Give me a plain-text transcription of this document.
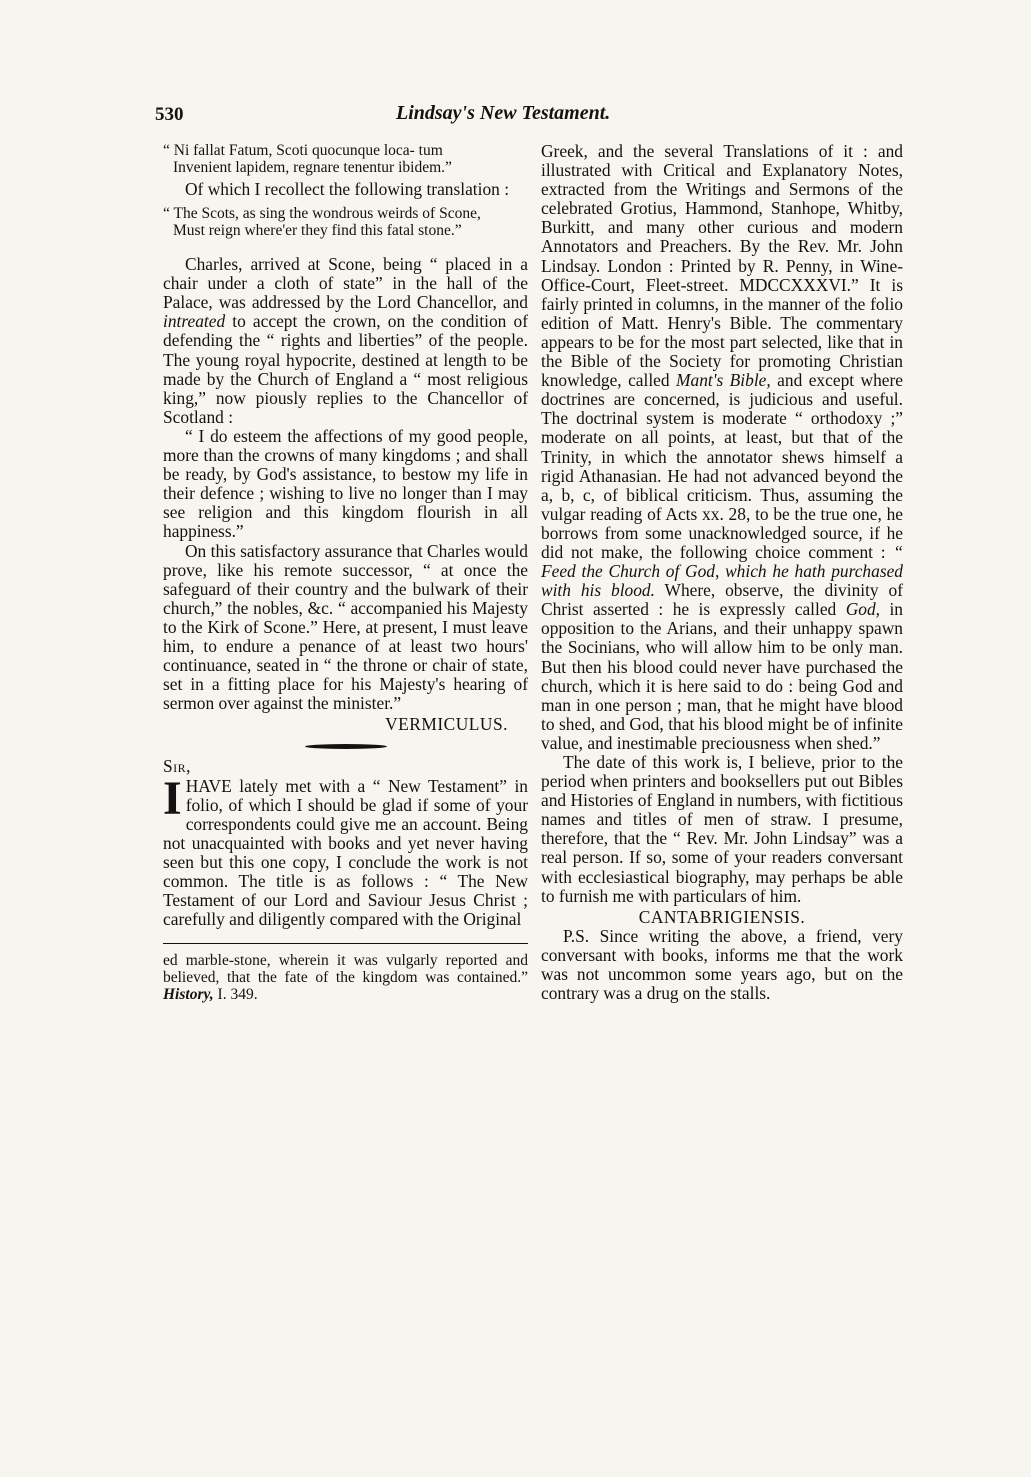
530	Lindsay's New Testament.
“ Ni fallat Fatum, Scoti quocunque loca- tum
Invenient lapidem, regnare tenentur ibidem.”

Of which I recollect the following translation :

“ The Scots, as sing the wondrous weirds of Scone,
Must reign where'er they find this fatal stone.”

Charles, arrived at Scone, being “ placed in a chair under a cloth of state” in the hall of the Palace, was addressed by the Lord Chancellor, and intreated to accept the crown, on the condition of defending the “ rights and liberties” of the people. The young royal hypocrite, destined at length to be made by the Church of England a “ most religious king,” now piously replies to the Chancellor of Scotland :

“ I do esteem the affections of my good people, more than the crowns of many kingdoms ; and shall be ready, by God's assistance, to bestow my life in their defence ; wishing to live no longer than I may see religion and this kingdom flourish in all happiness.”

On this satisfactory assurance that Charles would prove, like his remote successor, “ at once the safeguard of their country and the bulwark of their church,” the nobles, &c. “ accompanied his Majesty to the Kirk of Scone.” Here, at present, I must leave him, to endure a penance of at least two hours' continuance, seated in “ the throne or chair of state, set in a fitting place for his Majesty's hearing of sermon over against the minister.”

VERMICULUS.

Sir,

IHAVE lately met with a “ New Testament” in folio, of which I should be glad if some of your correspondents could give me an account. Being not unacquainted with books and yet never having seen but this one copy, I conclude the work is not common. The title is as follows : “ The New Testament of our Lord and Saviour Jesus Christ ; carefully and diligently compared with the Original

ed marble-stone, wherein it was vulgarly reported and believed, that the fate of the kingdom was contained.” History, I. 349.

Greek, and the several Translations of it : and illustrated with Critical and Explanatory Notes, extracted from the Writings and Sermons of the celebrated Grotius, Hammond, Stanhope, Whitby, Burkitt, and many other curious and modern Annotators and Preachers. By the Rev. Mr. John Lindsay. London : Printed by R. Penny, in Wine-Office-Court, Fleet-street. MDCCXXXVI.” It is fairly printed in columns, in the manner of the folio edition of Matt. Henry's Bible. The commentary appears to be for the most part selected, like that in the Bible of the Society for promoting Christian knowledge, called Mant's Bible, and except where doctrines are concerned, is judicious and useful. The doctrinal system is moderate “ orthodoxy ;” moderate on all points, at least, but that of the Trinity, in which the annotator shews himself a rigid Athanasian. He had not advanced beyond the a, b, c, of biblical criticism. Thus, assuming the vulgar reading of Acts xx. 28, to be the true one, he borrows from some unacknowledged source, if he did not make, the following choice comment : “ Feed the Church of God, which he hath purchased with his blood. Where, observe, the divinity of Christ asserted : he is expressly called God, in opposition to the Arians, and their unhappy spawn the Socinians, who will allow him to be only man. But then his blood could never have purchased the church, which it is here said to do : being God and man in one person ; man, that he might have blood to shed, and God, that his blood might be of infinite value, and inestimable preciousness when shed.”

The date of this work is, I believe, prior to the period when printers and booksellers put out Bibles and Histories of England in numbers, with fictitious names and titles of men of straw. I presume, therefore, that the “ Rev. Mr. John Lindsay” was a real person. If so, some of your readers conversant with ecclesiastical biography, may perhaps be able to furnish me with particulars of him.

CANTABRIGIENSIS.

P.S. Since writing the above, a friend, very conversant with books, informs me that the work was not uncommon some years ago, but on the contrary was a drug on the stalls.
